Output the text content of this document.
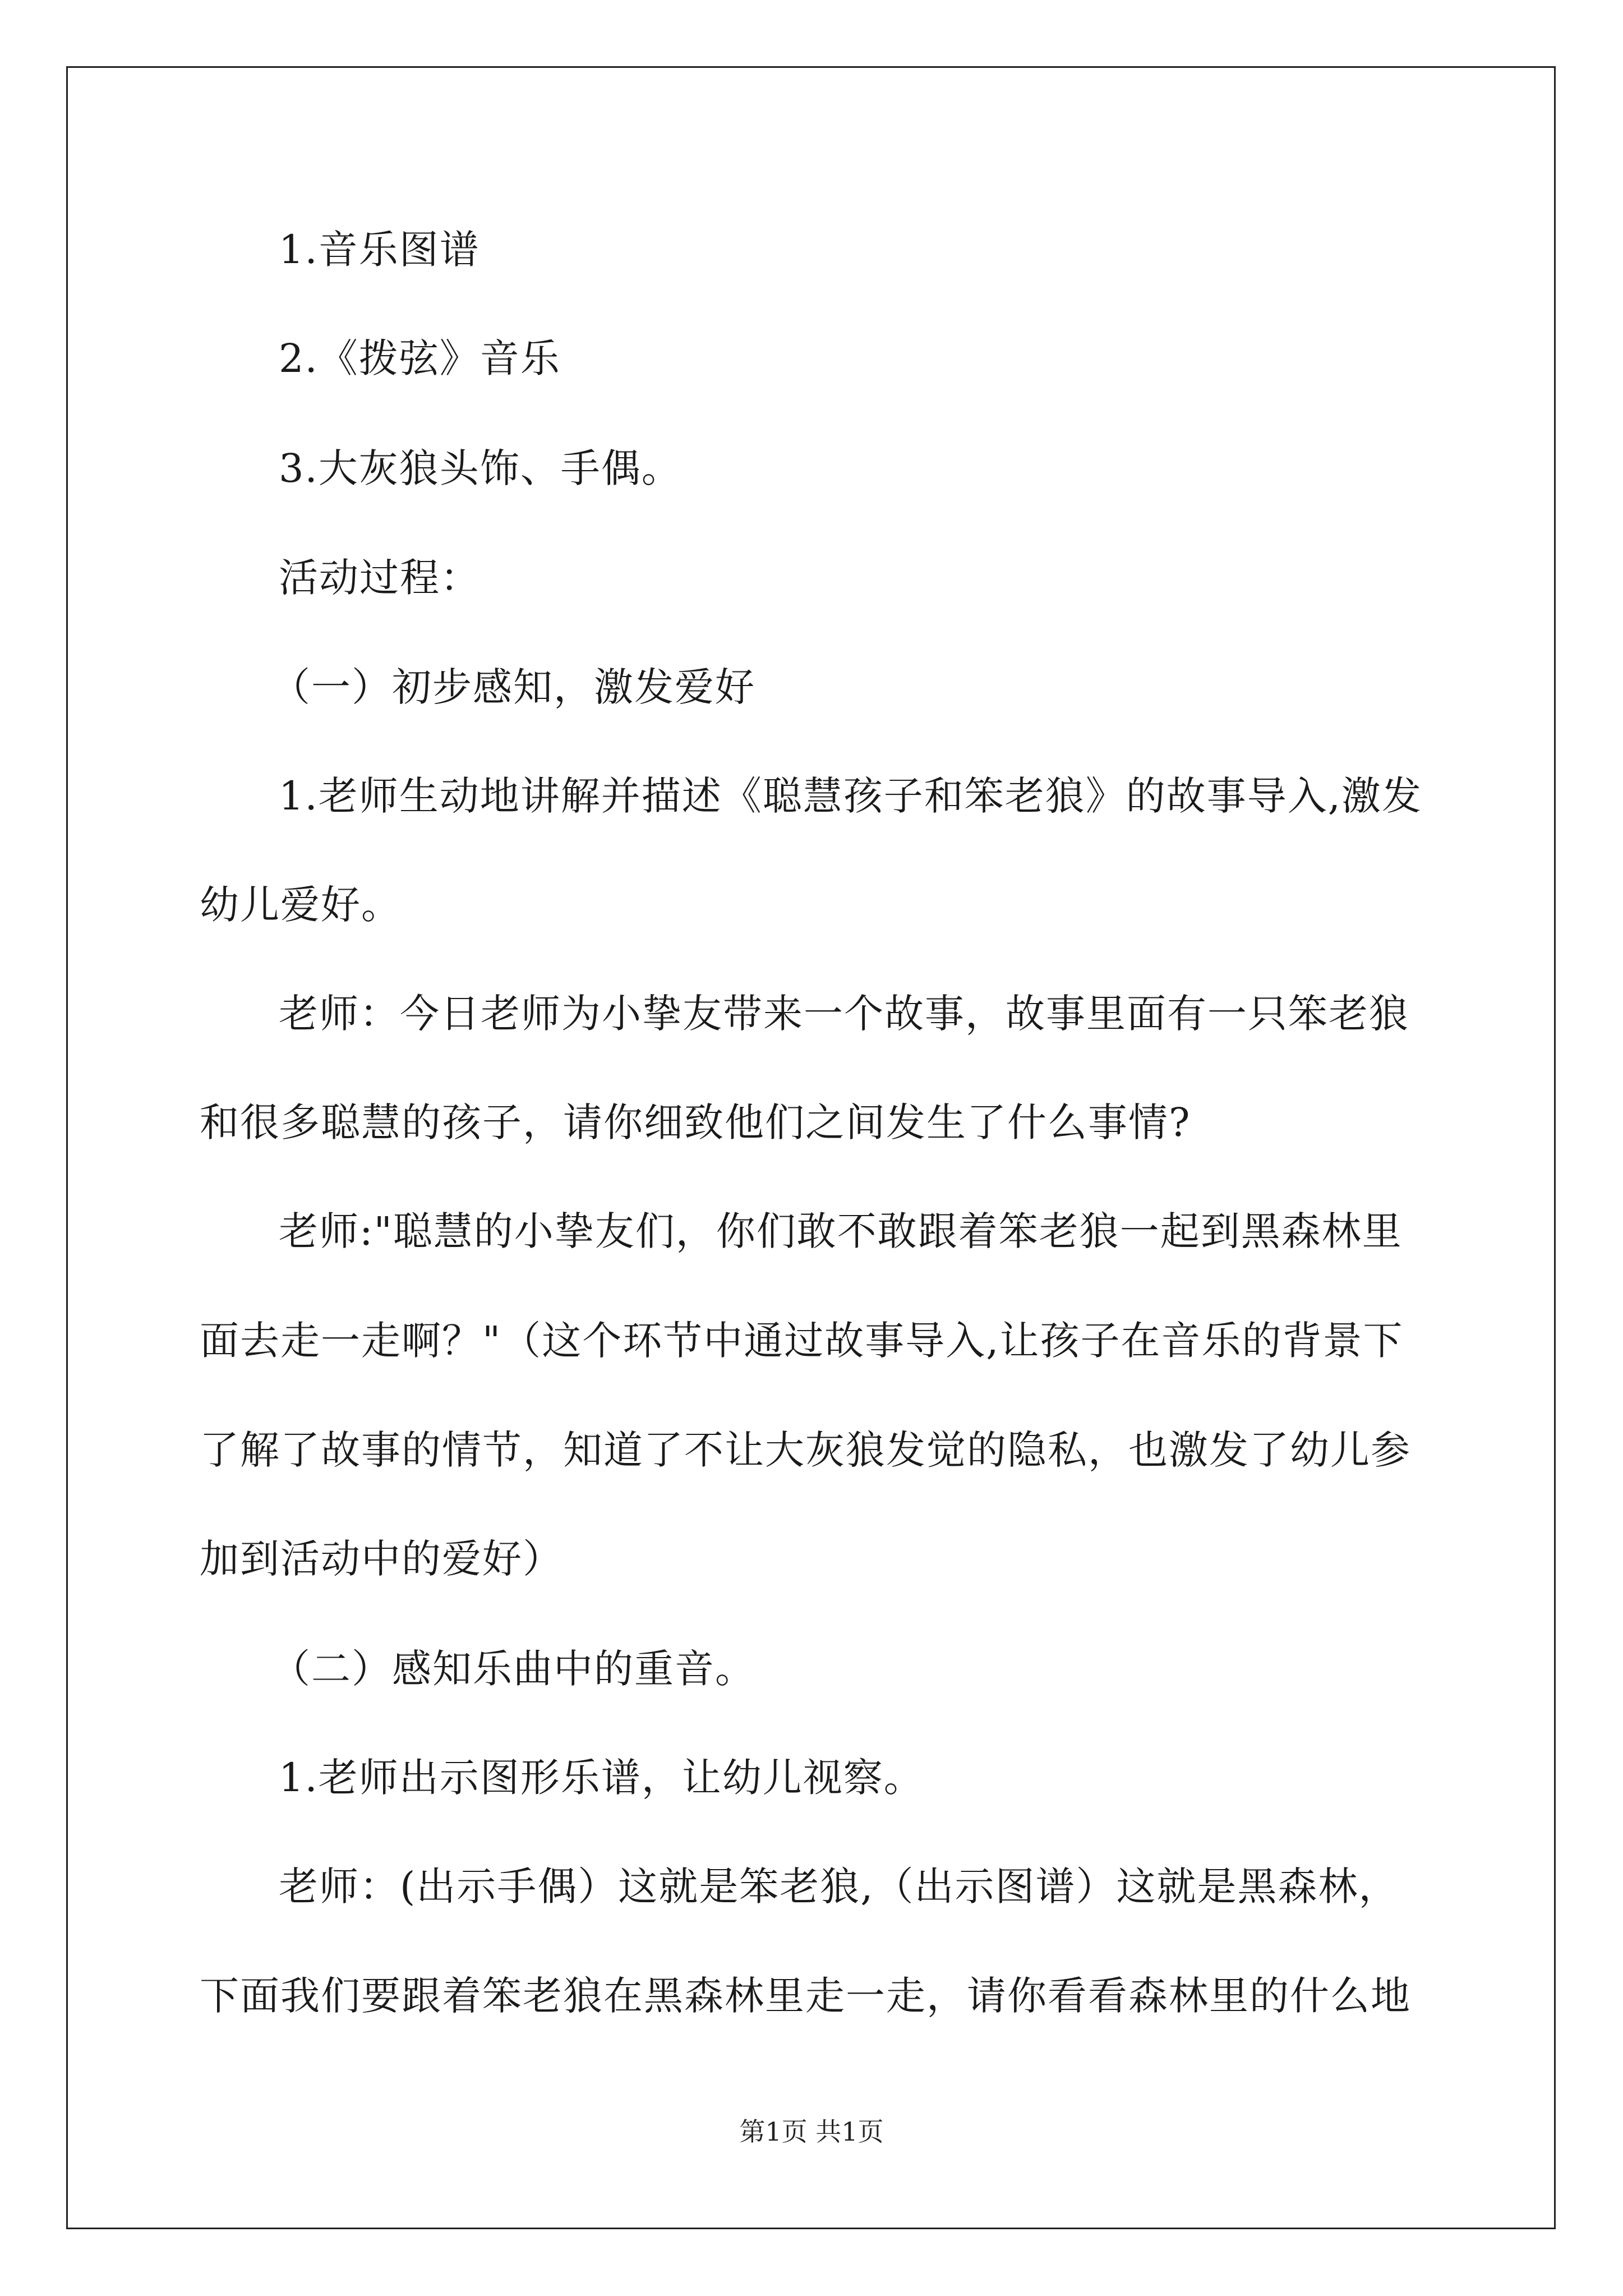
1.音乐图谱

2.《拨弦》音乐

3.大灰狼头饰、手偶。

活动过程：

（一）初步感知，激发爱好

1.老师生动地讲解并描述《聪慧孩子和笨老狼》的故事导入,激发

幼儿爱好。

老师：今日老师为小挚友带来一个故事，故事里面有一只笨老狼

和很多聪慧的孩子，请你细致他们之间发生了什么事情?

老师:"聪慧的小挚友们，你们敢不敢跟着笨老狼一起到黑森林里

面去走一走啊？"（这个环节中通过故事导入,让孩子在音乐的背景下

了解了故事的情节，知道了不让大灰狼发觉的隐私，也激发了幼儿参

加到活动中的爱好）

（二）感知乐曲中的重音。

1.老师出示图形乐谱，让幼儿视察。

老师：(出示手偶）这就是笨老狼,（出示图谱）这就是黑森林，

下面我们要跟着笨老狼在黑森林里走一走，请你看看森林里的什么地

第1页 共1页
